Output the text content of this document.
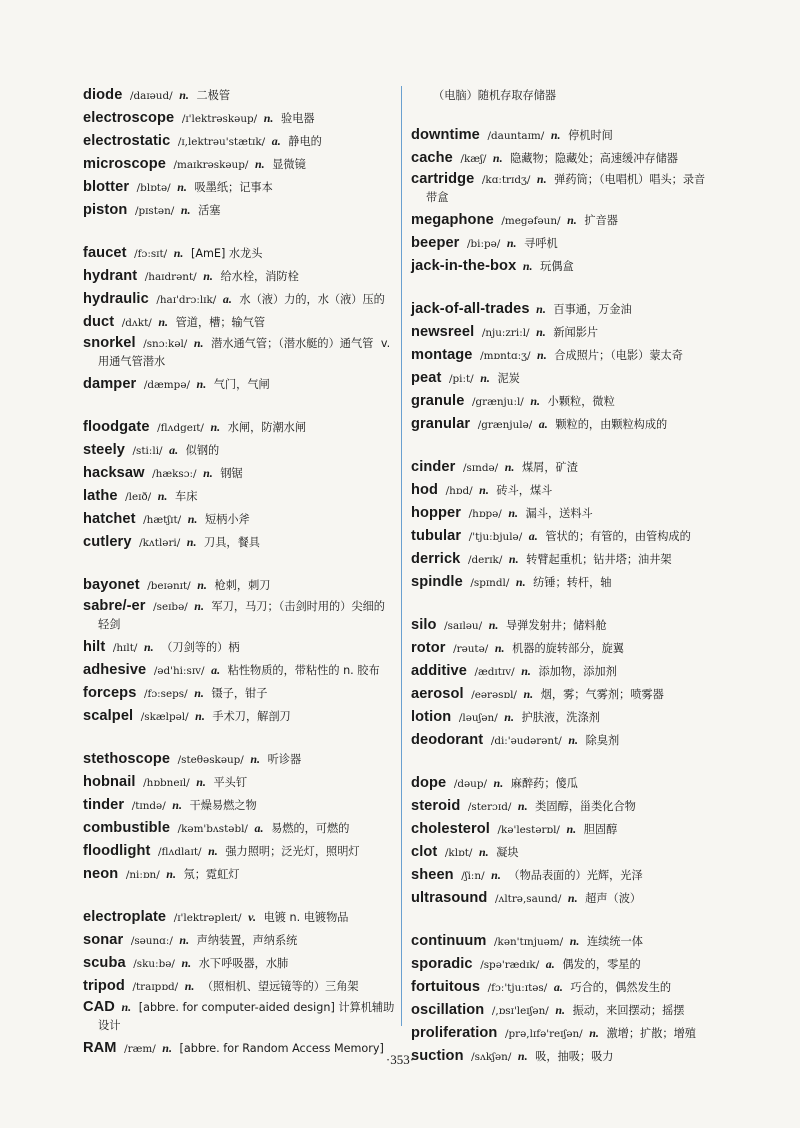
diode /daɪəud/ n. 二极管
electroscope /ɪ'lektrəskəup/ n. 验电器
electrostatic /ɪ,lektrəu'stætɪk/ a. 静电的
microscope /maɪkrəskəup/ n. 显微镜
blotter /blɒtə/ n. 吸墨纸；记事本
piston /pɪstən/ n. 活塞
faucet /fɔːsɪt/ n. [AmE] 水龙头
hydrant /haɪdrənt/ n. 给水栓，消防栓
hydraulic /haɪ'drɔːlɪk/ a. 水（液）力的，水（液）压的
duct /dʌkt/ n. 管道，槽；输气管
snorkel /snɔːkəl/ n. 潜水通气管；（潜水艇的）通气管 v. 用通气管潜水
damper /dæmpə/ n. 气门，气闸
floodgate /flʌdgeɪt/ n. 水闸，防潮水闸
steely /stiːli/ a. 似钢的
hacksaw /hæksɔː/ n. 钢锯
lathe /leɪð/ n. 车床
hatchet /hætʃɪt/ n. 短柄小斧
cutlery /kʌtləri/ n. 刀具，餐具
bayonet /beɪənɪt/ n. 枪刺，刺刀
sabre/-er /seɪbə/ n. 军刀，马刀；（击剑时用的）尖细的轻剑
hilt /hɪlt/ n. （刀剑等的）柄
adhesive /əd'hiːsɪv/ a. 粘性物质的，带粘性的 n. 胶布
forceps /fɔːseps/ n. 镊子，钳子
scalpel /skælpəl/ n. 手术刀，解剖刀
stethoscope /steθəskəup/ n. 听诊器
hobnail /hɒbneɪl/ n. 平头钉
tinder /tɪndə/ n. 干燥易燃之物
combustible /kəm'bʌstəbl/ a. 易燃的，可燃的
floodlight /flʌdlaɪt/ n. 强力照明；泛光灯，照明灯
neon /niːɒn/ n. 氖；霓虹灯
electroplate /ɪ'lektrəpleɪt/ v. 电镀 n. 电镀物品
sonar /səunɑː/ n. 声纳装置，声纳系统
scuba /skuːbə/ n. 水下呼吸器，水肺
tripod /traɪpɒd/ n. （照相机、望远镜等的）三角架
CAD n. [abbre. for computer-aided design] 计算机辅助设计
RAM /ræm/ n. [abbre. for Random Access Memory]
（电脑）随机存取存储器
downtime /dauntaɪm/ n. 停机时间
cache /kæʃ/ n. 隐藏物；隐藏处；高速缓冲存储器
cartridge /kɑːtrɪdʒ/ n. 弹药筒；（电唱机）唱头；录音带盒
megaphone /megəfəun/ n. 扩音器
beeper /biːpə/ n. 寻呼机
jack-in-the-box n. 玩偶盒
jack-of-all-trades n. 百事通，万金油
newsreel /njuːzriːl/ n. 新闻影片
montage /mɒntɑːʒ/ n. 合成照片；（电影）蒙太奇
peat /piːt/ n. 泥炭
granule /grænjuːl/ n. 小颗粒，微粒
granular /grænjulə/ a. 颗粒的，由颗粒构成的
cinder /sɪndə/ n. 煤屑，矿渣
hod /hɒd/ n. 砖斗，煤斗
hopper /hɒpə/ n. 漏斗，送料斗
tubular /'tjuːbjulə/ a. 管状的；有管的，由管构成的
derrick /derɪk/ n. 转臂起重机；钻井塔；油井架
spindle /spɪndl/ n. 纺锤；转杆，轴
silo /saɪləu/ n. 导弹发射井；储料舱
rotor /rəutə/ n. 机器的旋转部分，旋翼
additive /ædɪtɪv/ n. 添加物，添加剂
aerosol /eərəsɒl/ n. 烟，雾；气雾剂；喷雾器
lotion /ləuʃən/ n. 护肤液，洗涤剂
deodorant /diː'əudərənt/ n. 除臭剂
dope /dəup/ n. 麻醉药；傻瓜
steroid /sterɔɪd/ n. 类固醇，甾类化合物
cholesterol /kə'lestərɒl/ n. 胆固醇
clot /klɒt/ n. 凝块
sheen /ʃiːn/ n. （物品表面的）光辉，光泽
ultrasound /ʌltrə,saund/ n. 超声（波）
continuum /kən'tɪnjuəm/ n. 连续统一体
sporadic /spə'rædɪk/ a. 偶发的，零星的
fortuitous /fɔː'tjuːɪtəs/ a. 巧合的，偶然发生的
oscillation /,ɒsɪ'leɪʃən/ n. 振动，来回摆动；摇摆
proliferation /prə,lɪfə'reɪʃən/ n. 激增；扩散；增殖
suction /sʌkʃən/ n. 吸，抽吸；吸力
·353·
